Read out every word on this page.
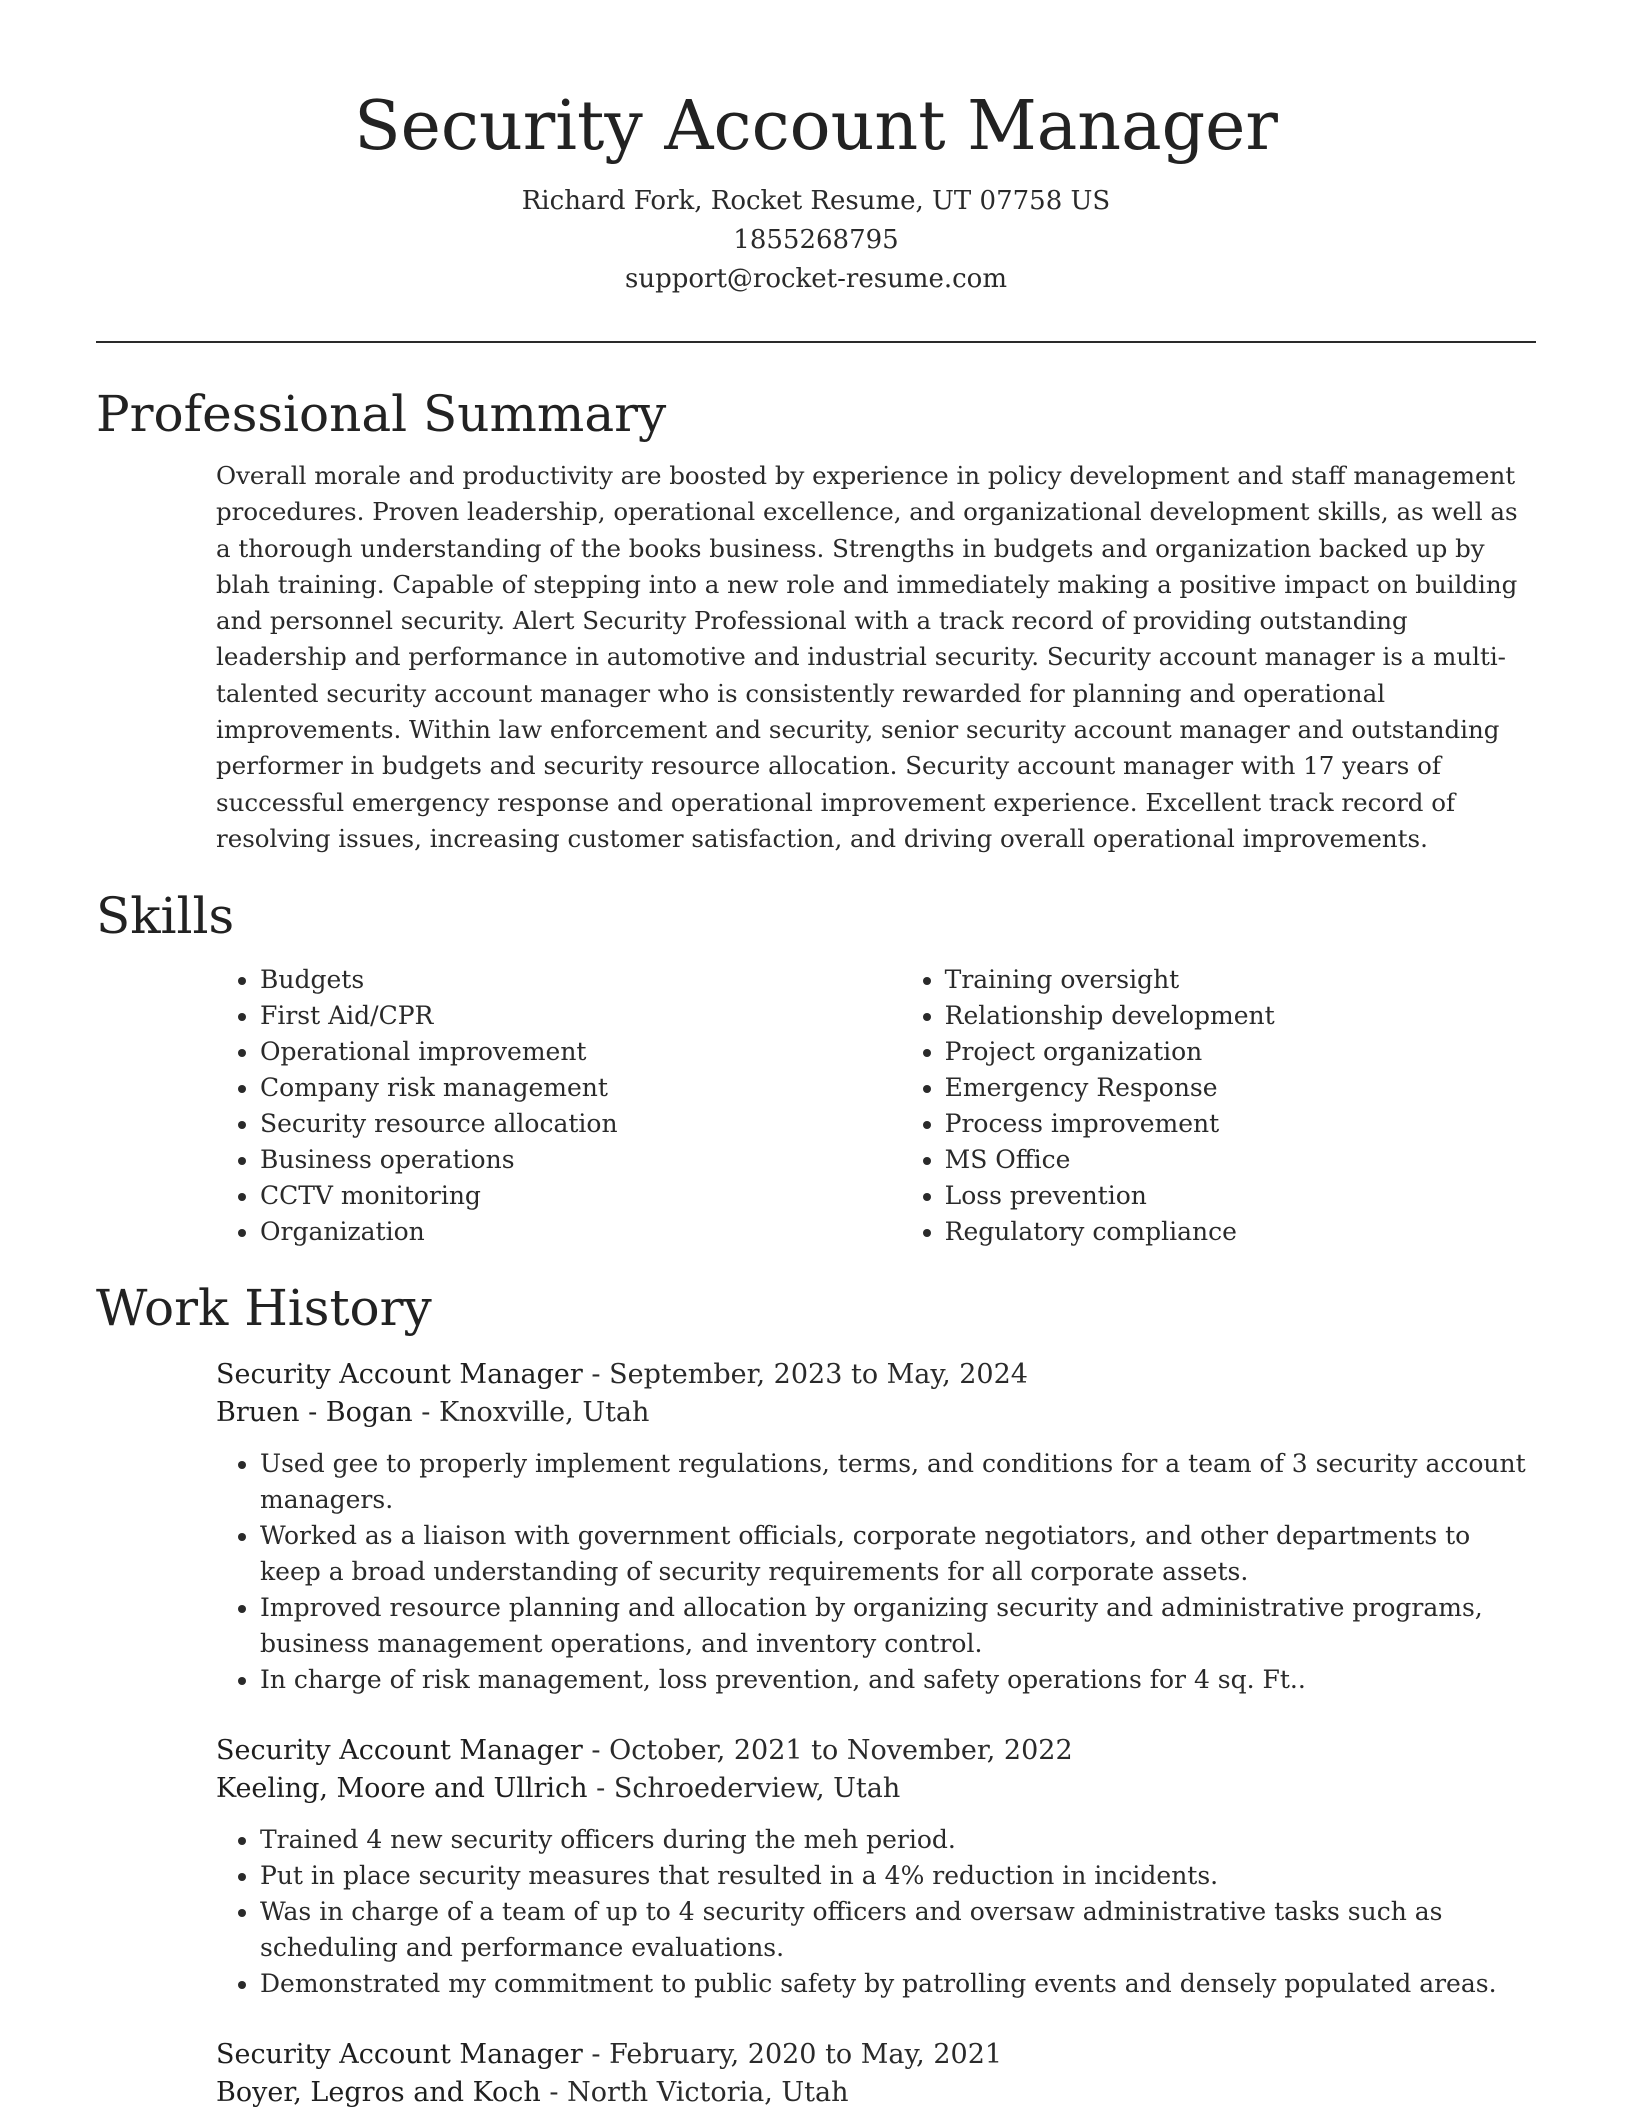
Security Account Manager
Richard Fork, Rocket Resume, UT 07758 US
1855268795
support@rocket-resume.com
Professional Summary

Overall morale and productivity are boosted by experience in policy development and staff management procedures. Proven leadership, operational excellence, and organizational development skills, as well as a thorough understanding of the books business. Strengths in budgets and organization backed up by blah training. Capable of stepping into a new role and immediately making a positive impact on building and personnel security. Alert Security Professional with a track record of providing outstanding leadership and performance in automotive and industrial security. Security account manager is a multi-talented security account manager who is consistently rewarded for planning and operational improvements. Within law enforcement and security, senior security account manager and outstanding performer in budgets and security resource allocation. Security account manager with 17 years of successful emergency response and operational improvement experience. Excellent track record of resolving issues, increasing customer satisfaction, and driving overall operational improvements.

Skills
• Budgets
• First Aid/CPR
• Operational improvement
• Company risk management
• Security resource allocation
• Business operations
• CCTV monitoring
• Organization
• Training oversight
• Relationship development
• Project organization
• Emergency Response
• Process improvement
• MS Office
• Loss prevention
• Regulatory compliance
Work History
Security Account Manager - September, 2023 to May, 2024
Bruen - Bogan - Knoxville, Utah
• Used gee to properly implement regulations, terms, and conditions for a team of 3 security account managers.
• Worked as a liaison with government officials, corporate negotiators, and other departments to keep a broad understanding of security requirements for all corporate assets.
• Improved resource planning and allocation by organizing security and administrative programs, business management operations, and inventory control.
• In charge of risk management, loss prevention, and safety operations for 4 sq. Ft..
Security Account Manager - October, 2021 to November, 2022
Keeling, Moore and Ullrich - Schroederview, Utah
• Trained 4 new security officers during the meh period.
• Put in place security measures that resulted in a 4% reduction in incidents.
• Was in charge of a team of up to 4 security officers and oversaw administrative tasks such as scheduling and performance evaluations.
• Demonstrated my commitment to public safety by patrolling events and densely populated areas.
Security Account Manager - February, 2020 to May, 2021
Boyer, Legros and Koch - North Victoria, Utah
